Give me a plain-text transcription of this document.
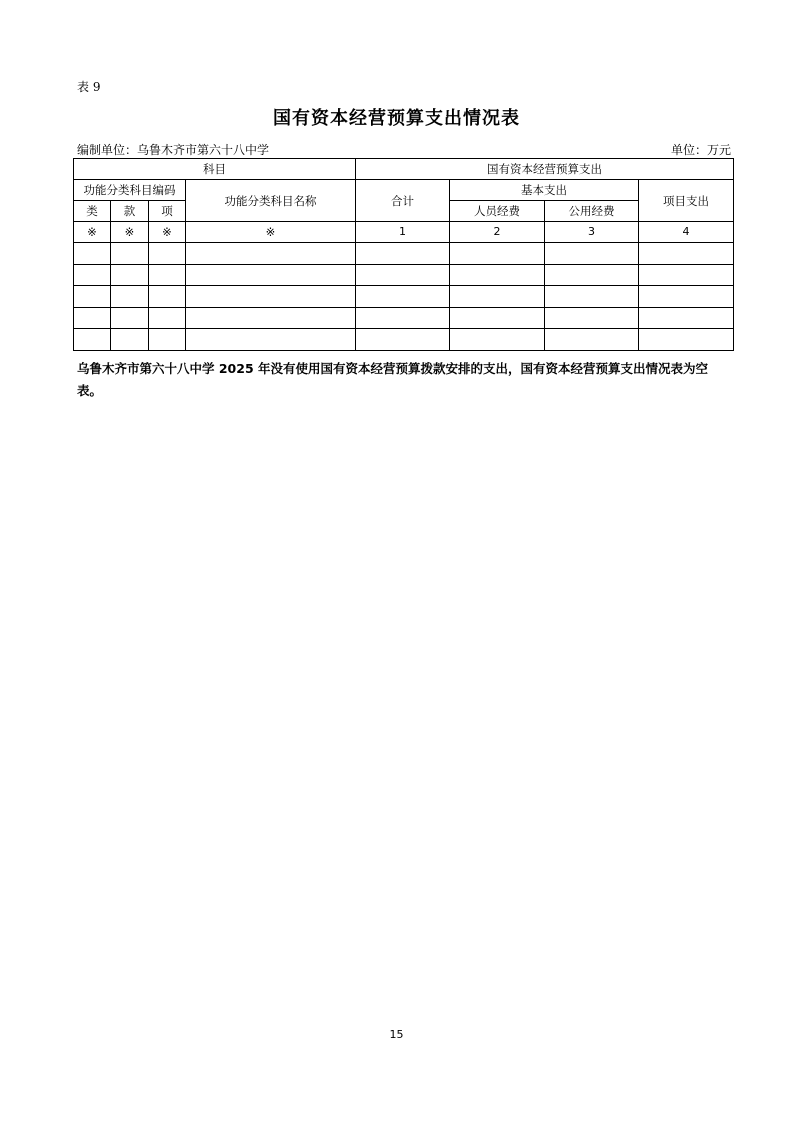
表 9
国有资本经营预算支出情况表
编制单位：乌鲁木齐市第六十八中学	单位：万元
科目				国有资本经营预算支出			
功能分类科目编码			功能分类科目名称	合计	基本支出		项目支出
类	款	项			人员经费	公用经费	
※	※	※	※	1	2	3	4

乌鲁木齐市第六十八中学 2025 年没有使用国有资本经营预算拨款安排的支出，国有资本经营预算支出情况表为空表。
15
